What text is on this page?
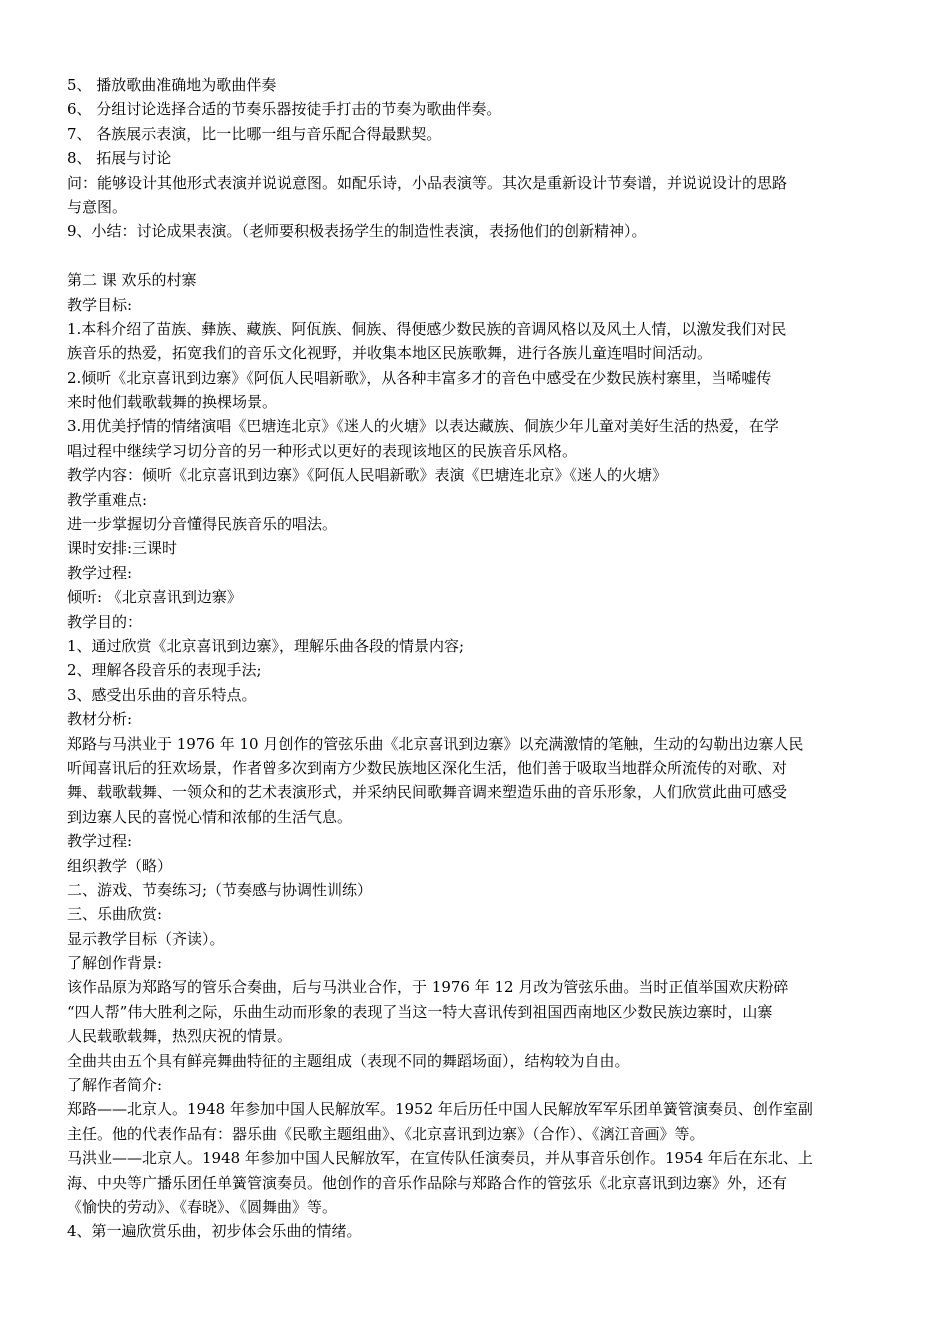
5、 播放歌曲准确地为歌曲伴奏
6、 分组讨论选择合适的节奏乐器按徒手打击的节奏为歌曲伴奏。
7、 各族展示表演，比一比哪一组与音乐配合得最默契。
8、 拓展与讨论
问：能够设计其他形式表演并说说意图。如配乐诗，小品表演等。其次是重新设计节奏谱，并说说设计的思路
与意图。
9、小结：讨论成果表演。（老师要积极表扬学生的制造性表演，表扬他们的创新精神）。
第二 课 欢乐的村寨
教学目标:
1.本科介绍了苗族、彝族、藏族、阿佤族、侗族、得便感少数民族的音调风格以及风土人情，以激发我们对民
族音乐的热爱，拓宽我们的音乐文化视野，并收集本地区民族歌舞，进行各族儿童连唱时间活动。
2.倾听《北京喜讯到边寨》《阿佤人民唱新歌》，从各种丰富多才的音色中感受在少数民族村寨里，当唏嘘传
来时他们载歌载舞的换棵场景。
3.用优美抒情的情绪演唱《巴塘连北京》《迷人的火塘》以表达藏族、侗族少年儿童对美好生活的热爱，在学
唱过程中继续学习切分音的另一种形式以更好的表现该地区的民族音乐风格。
教学内容：倾听《北京喜讯到边寨》《阿佤人民唱新歌》表演《巴塘连北京》《迷人的火塘》
教学重难点:
进一步掌握切分音懂得民族音乐的唱法。
课时安排:三课时
教学过程:
倾听: 《北京喜讯到边寨》
教学目的：
1、通过欣赏《北京喜讯到边寨》，理解乐曲各段的情景内容;
2、理解各段音乐的表现手法;
3、感受出乐曲的音乐特点。
教材分析:
郑路与马洪业于 1976 年 10 月创作的管弦乐曲《北京喜讯到边寨》以充满激情的笔触，生动的勾勒出边寨人民
听闻喜讯后的狂欢场景，作者曾多次到南方少数民族地区深化生活，他们善于吸取当地群众所流传的对歌、对
舞、载歌载舞、一领众和的艺术表演形式，并采纳民间歌舞音调来塑造乐曲的音乐形象，人们欣赏此曲可感受
到边寨人民的喜悦心情和浓郁的生活气息。
教学过程:
组织教学（略）
二、游戏、节奏练习;（节奏感与协调性训练）
三、乐曲欣赏:
显示教学目标（齐读）。
了解创作背景:
该作品原为郑路写的管乐合奏曲，后与马洪业合作，于 1976 年 12 月改为管弦乐曲。当时正值举国欢庆粉碎
“四人帮”伟大胜利之际，乐曲生动而形象的表现了当这一特大喜讯传到祖国西南地区少数民族边寨时，山寨
人民载歌载舞，热烈庆祝的情景。
全曲共由五个具有鲜亮舞曲特征的主题组成（表现不同的舞蹈场面），结构较为自由。
了解作者简介:
郑路——北京人。1948 年参加中国人民解放军。1952 年后历任中国人民解放军军乐团单簧管演奏员、创作室副
主任。他的代表作品有：器乐曲《民歌主题组曲》、《北京喜讯到边寨》（合作）、《漓江音画》等。
马洪业——北京人。1948 年参加中国人民解放军，在宣传队任演奏员，并从事音乐创作。1954 年后在东北、上
海、中央等广播乐团任单簧管演奏员。他创作的音乐作品除与郑路合作的管弦乐《北京喜讯到边寨》外，还有
《愉快的劳动》、《春晓》、《圆舞曲》等。
4、第一遍欣赏乐曲，初步体会乐曲的情绪。
